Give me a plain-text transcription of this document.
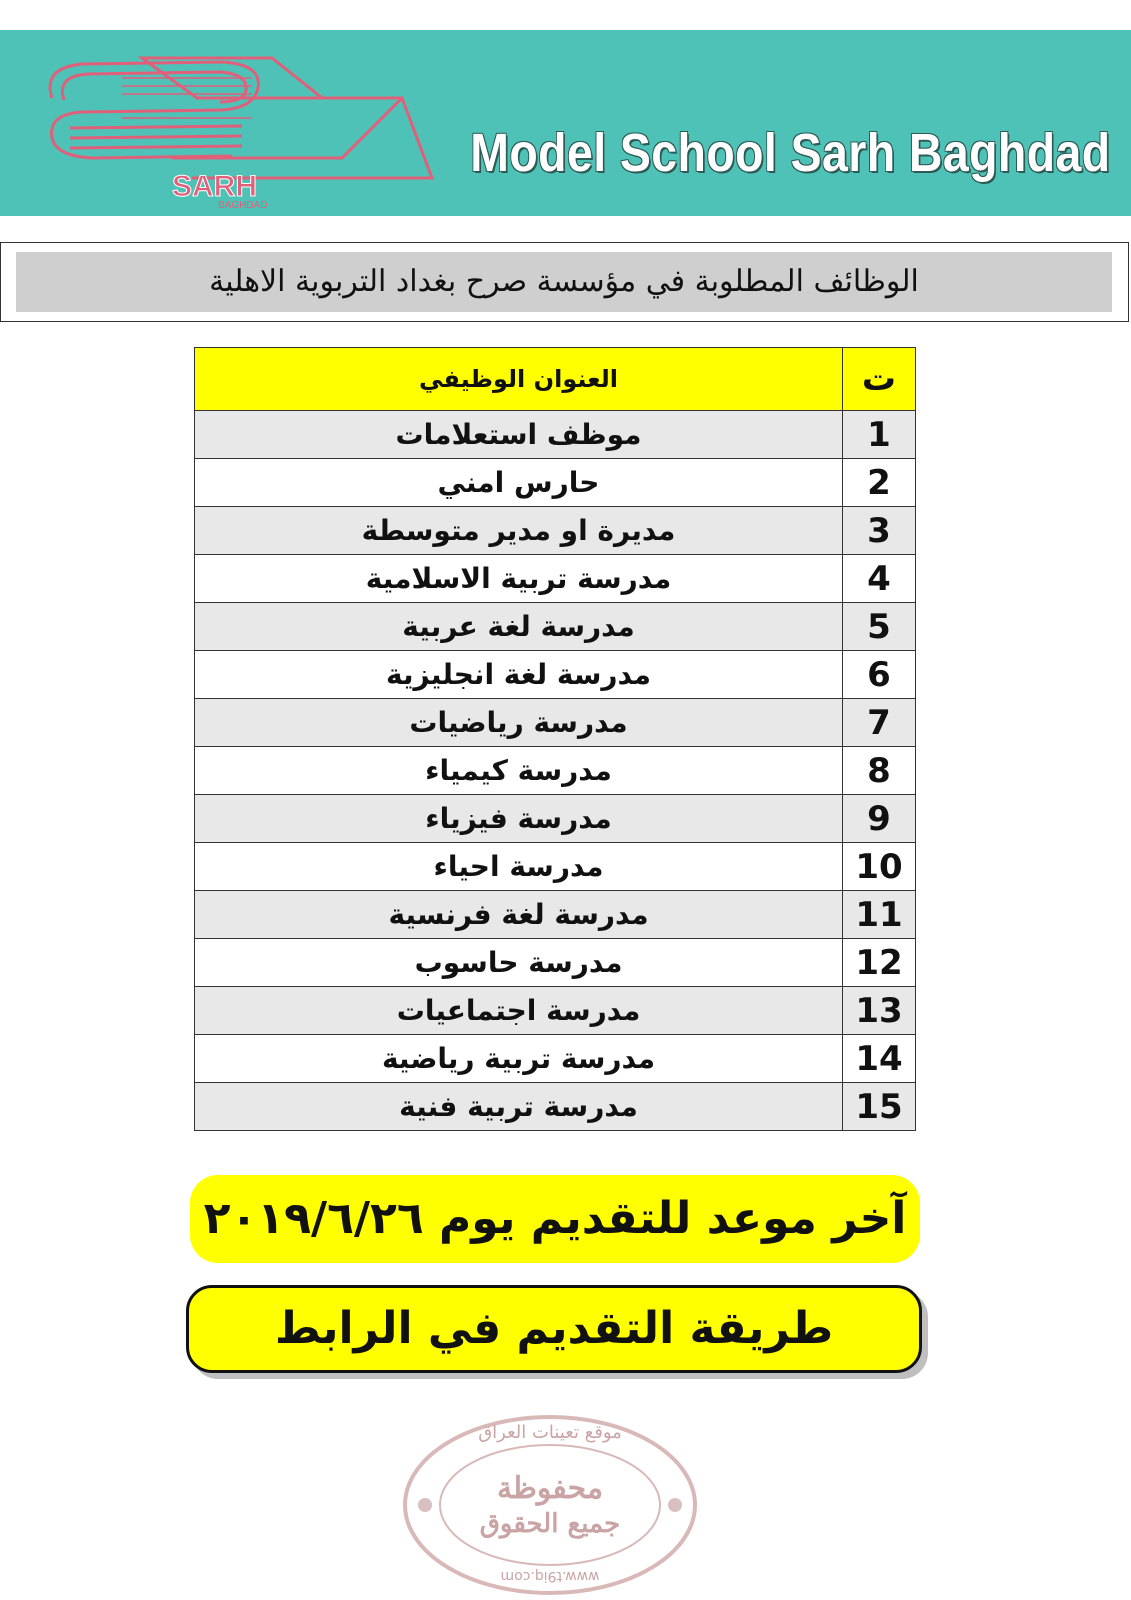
SARH
BAGHDAD
Model School Sarh Baghdad
الوظائف المطلوبة في مؤسسة صرح بغداد التربوية الاهلية
ت	العنوان الوظيفي
1	موظف استعلامات
2	حارس امني
3	مديرة او مدير متوسطة
4	مدرسة تربية الاسلامية
5	مدرسة لغة عربية
6	مدرسة لغة انجليزية
7	مدرسة رياضيات
8	مدرسة كيمياء
9	مدرسة فيزياء
10	مدرسة احياء
11	مدرسة لغة فرنسية
12	مدرسة حاسوب
13	مدرسة اجتماعيات
14	مدرسة تربية رياضية
15	مدرسة تربية فنية
آخر موعد للتقديم يوم ٢٠١٩/٦/٢٦
طريقة التقديم في الرابط
موقع تعينات العراق
محفوظة
جميع الحقوق
www.t9iq.com
